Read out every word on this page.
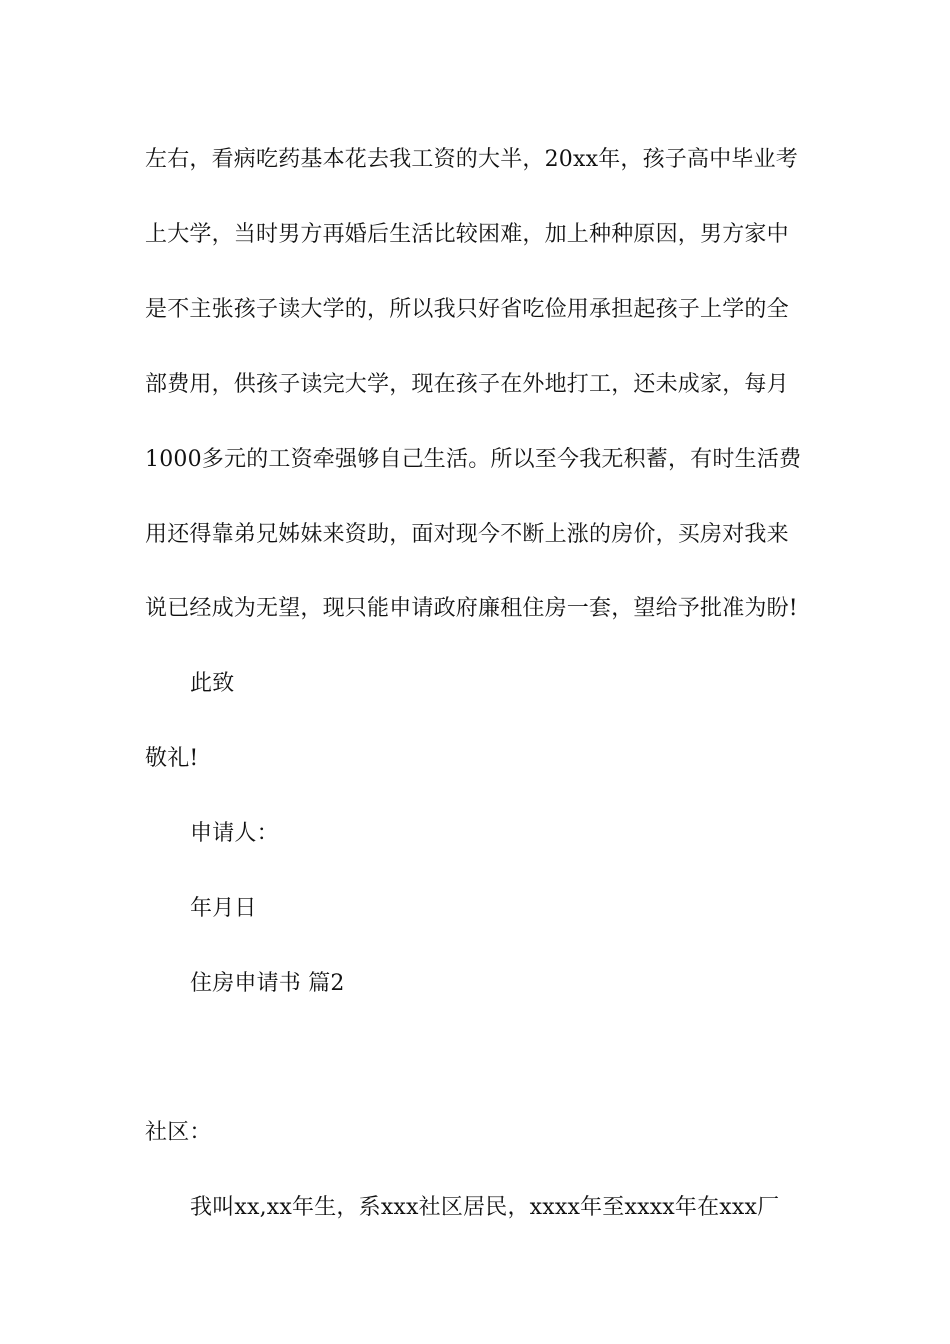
左右，看病吃药基本花去我工资的大半，20xx年，孩子高中毕业考
上大学，当时男方再婚后生活比较困难，加上种种原因，男方家中
是不主张孩子读大学的，所以我只好省吃俭用承担起孩子上学的全
部费用，供孩子读完大学，现在孩子在外地打工，还未成家，每月
1000多元的工资牵强够自己生活。所以至今我无积蓄，有时生活费
用还得靠弟兄姊妹来资助，面对现今不断上涨的房价，买房对我来
说已经成为无望，现只能申请政府廉租住房一套，望给予批准为盼!
此致
敬礼!
申请人：
年月日
住房申请书 篇2
社区：
我叫xx,xx年生，系xxx社区居民，xxxx年至xxxx年在xxx厂
